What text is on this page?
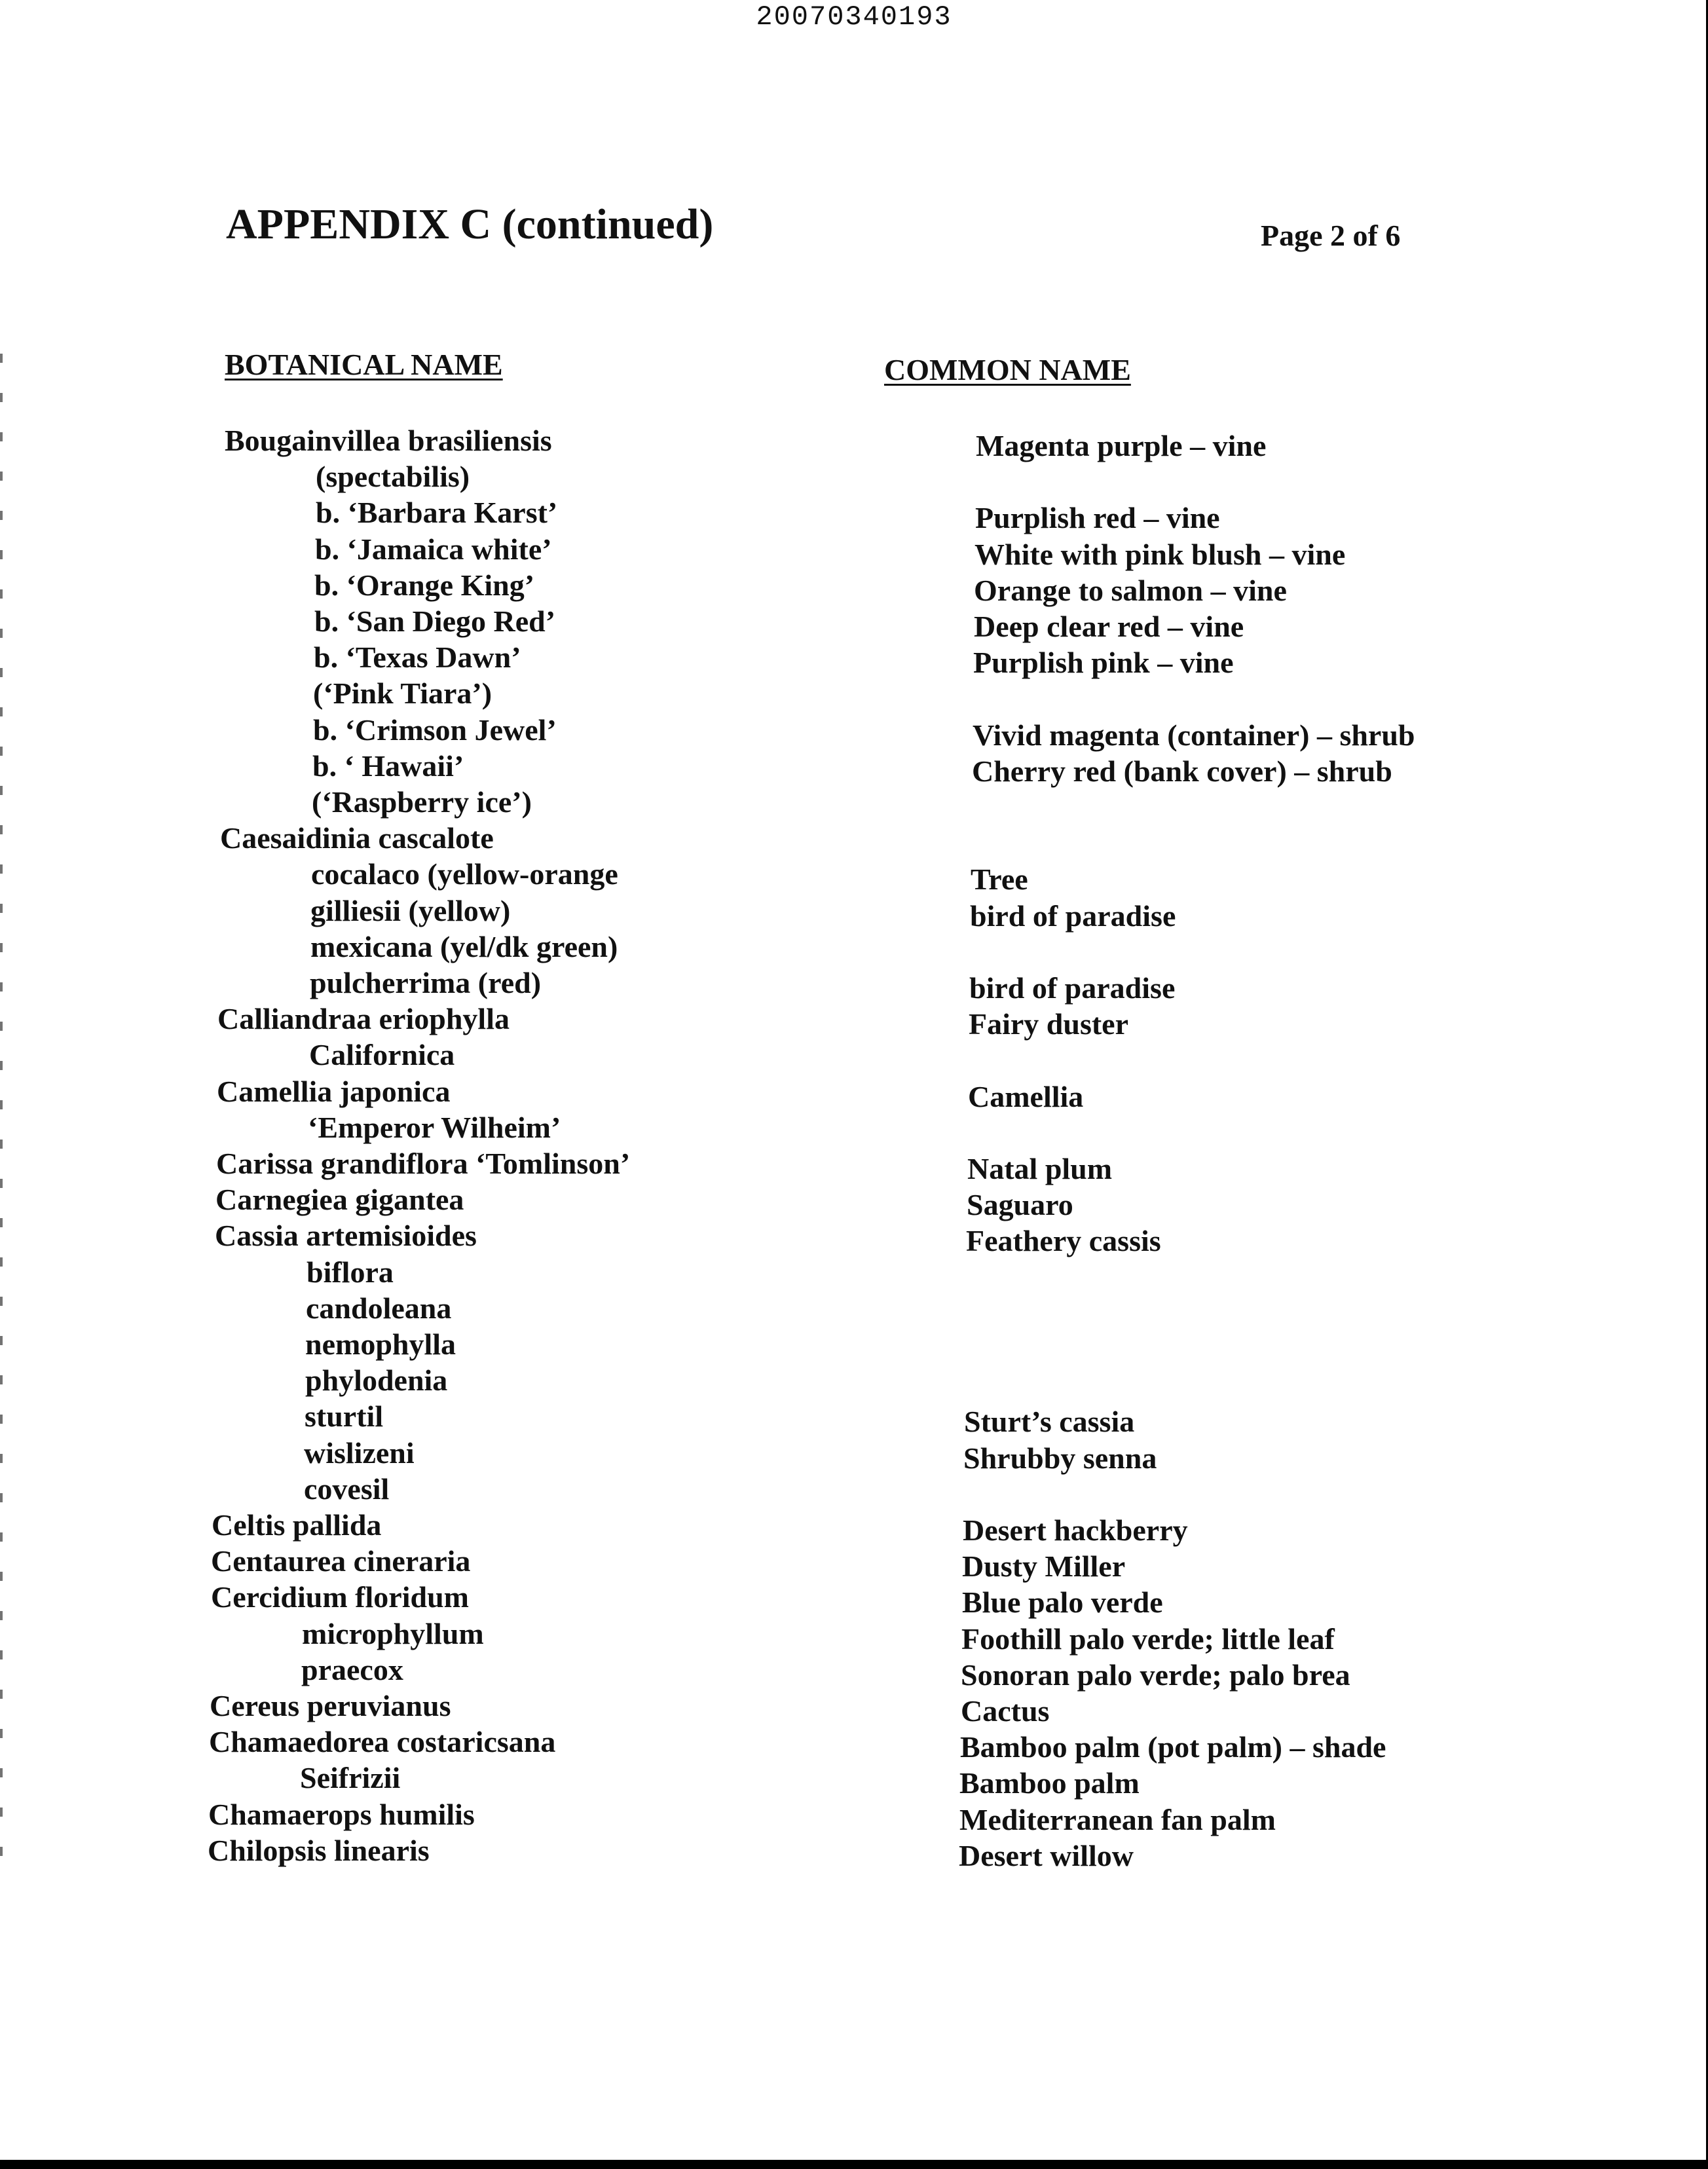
20070340193
APPENDIX C (continued)	Page 2 of 6
BOTANICAL NAME	COMMON NAME
Bougainvillea brasiliensis	Magenta purple – vine
(spectabilis)
b. ‘Barbara Karst’	Purplish red – vine
b. ‘Jamaica white’	White with pink blush – vine
b. ‘Orange King’	Orange to salmon – vine
b. ‘San Diego Red’	Deep clear red – vine
b. ‘Texas Dawn’	Purplish pink – vine
(‘Pink Tiara’)
b. ‘Crimson Jewel’	Vivid magenta (container) – shrub
b. ‘ Hawaii’	Cherry red (bank cover) – shrub
(‘Raspberry ice’)
Caesaidinia cascalote
cocalaco (yellow-orange	Tree
gilliesii (yellow)	bird of paradise
mexicana (yel/dk green)
pulcherrima (red)	bird of paradise
Calliandraa eriophylla	Fairy duster
Californica
Camellia japonica	Camellia
‘Emperor Wilheim’
Carissa grandiflora ‘Tomlinson’	Natal plum
Carnegiea gigantea	Saguaro
Cassia artemisioides	Feathery cassis
biflora
candoleana
nemophylla
phylodenia
sturtil	Sturt’s cassia
wislizeni	Shrubby senna
covesil
Celtis pallida	Desert hackberry
Centaurea cineraria	Dusty Miller
Cercidium floridum	Blue palo verde
microphyllum	Foothill palo verde; little leaf
praecox	Sonoran palo verde; palo brea
Cereus peruvianus	Cactus
Chamaedorea costaricsana	Bamboo palm (pot palm) – shade
Seifrizii	Bamboo palm
Chamaerops humilis	Mediterranean fan palm
Chilopsis linearis	Desert willow
